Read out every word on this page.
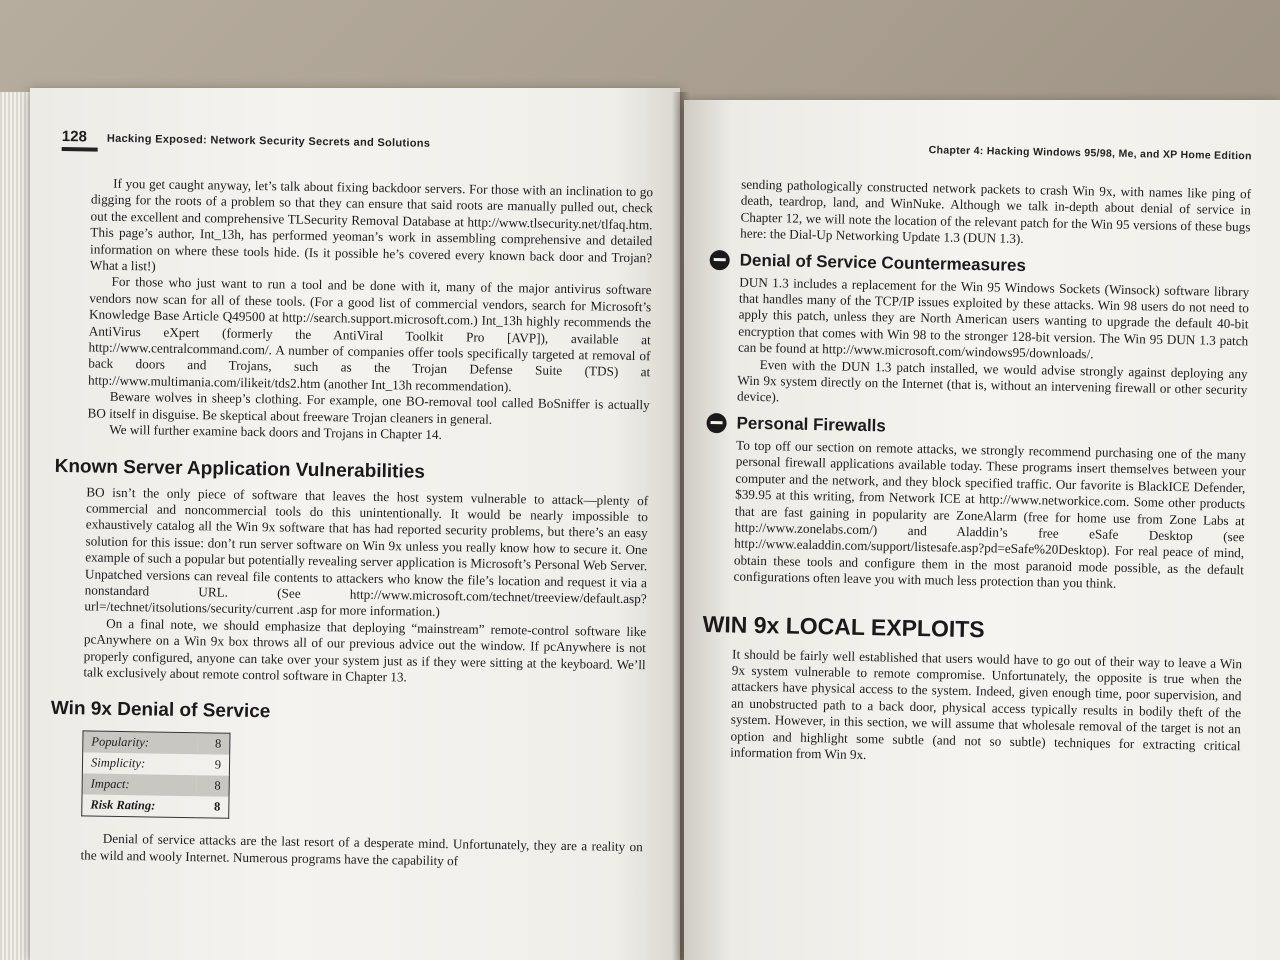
128 Hacking Exposed: Network Security Secrets and Solutions

If you get caught anyway, let’s talk about fixing backdoor servers. For those with an inclination to go digging for the roots of a problem so that they can ensure that said roots are manually pulled out, check out the excellent and comprehensive TLSecurity Removal Database at http://www.tlsecurity.net/tlfaq.htm. This page’s author, Int_13h, has performed yeoman’s work in assembling comprehensive and detailed information on where these tools hide. (Is it possible he’s covered every known back door and Trojan? What a list!)

For those who just want to run a tool and be done with it, many of the major antivirus software vendors now scan for all of these tools. (For a good list of commercial vendors, search for Microsoft’s Knowledge Base Article Q49500 at http://search.support.microsoft.com.) Int_13h highly recommends the AntiVirus eXpert (formerly the AntiViral Toolkit Pro [AVP]), available at http://www.centralcommand.com/. A number of companies offer tools specifically targeted at removal of back doors and Trojans, such as the Trojan Defense Suite (TDS) at http://www.multimania.com/ilikeit/tds2.htm (another Int_13h recommendation).

Beware wolves in sheep’s clothing. For example, one BO-removal tool called BoSniffer is actually BO itself in disguise. Be skeptical about freeware Trojan cleaners in general.

We will further examine back doors and Trojans in Chapter 14.

Known Server Application Vulnerabilities

BO isn’t the only piece of software that leaves the host system vulnerable to attack—plenty of commercial and noncommercial tools do this unintentionally. It would be nearly impossible to exhaustively catalog all the Win 9x software that has had reported security problems, but there’s an easy solution for this issue: don’t run server software on Win 9x unless you really know how to secure it. One example of such a popular but potentially revealing server application is Microsoft’s Personal Web Server. Unpatched versions can reveal file contents to attackers who know the file’s location and request it via a nonstandard URL. (See http://www.microsoft.com/technet/treeview/default.asp?url=/technet/itsolutions/security/current .asp for more information.)

On a final note, we should emphasize that deploying “mainstream” remote-control software like pcAnywhere on a Win 9x box throws all of our previous advice out the window. If pcAnywhere is not properly configured, anyone can take over your system just as if they were sitting at the keyboard. We’ll talk exclusively about remote control software in Chapter 13.

Win 9x Denial of Service
Popularity:	8
Simplicity:	9
Impact:	8
Risk Rating:	8

Denial of service attacks are the last resort of a desperate mind. Unfortunately, they are a reality on the wild and wooly Internet. Numerous programs have the capability of

Chapter 4: Hacking Windows 95/98, Me, and XP Home Edition

sending pathologically constructed network packets to crash Win 9x, with names like ping of death, teardrop, land, and WinNuke. Although we talk in-depth about denial of service in Chapter 12, we will note the location of the relevant patch for the Win 95 versions of these bugs here: the Dial-Up Networking Update 1.3 (DUN 1.3).

Denial of Service Countermeasures

DUN 1.3 includes a replacement for the Win 95 Windows Sockets (Winsock) software library that handles many of the TCP/IP issues exploited by these attacks. Win 98 users do not need to apply this patch, unless they are North American users wanting to upgrade the default 40-bit encryption that comes with Win 98 to the stronger 128-bit version. The Win 95 DUN 1.3 patch can be found at http://www.microsoft.com/windows95/downloads/.

Even with the DUN 1.3 patch installed, we would advise strongly against deploying any Win 9x system directly on the Internet (that is, without an intervening firewall or other security device).

Personal Firewalls

To top off our section on remote attacks, we strongly recommend purchasing one of the many personal firewall applications available today. These programs insert themselves between your computer and the network, and they block specified traffic. Our favorite is BlackICE Defender, $39.95 at this writing, from Network ICE at http://www.networkice.com. Some other products that are fast gaining in popularity are ZoneAlarm (free for home use from Zone Labs at http://www.zonelabs.com/) and Aladdin’s free eSafe Desktop (see http://www.ealaddin.com/support/listesafe.asp?pd=eSafe%20Desktop). For real peace of mind, obtain these tools and configure them in the most paranoid mode possible, as the default configurations often leave you with much less protection than you think.

WIN 9x LOCAL EXPLOITS

It should be fairly well established that users would have to go out of their way to leave a Win 9x system vulnerable to remote compromise. Unfortunately, the opposite is true when the attackers have physical access to the system. Indeed, given enough time, poor supervision, and an unobstructed path to a back door, physical access typically results in bodily theft of the system. However, in this section, we will assume that wholesale removal of the target is not an option and highlight some subtle (and not so subtle) techniques for extracting critical information from Win 9x.
